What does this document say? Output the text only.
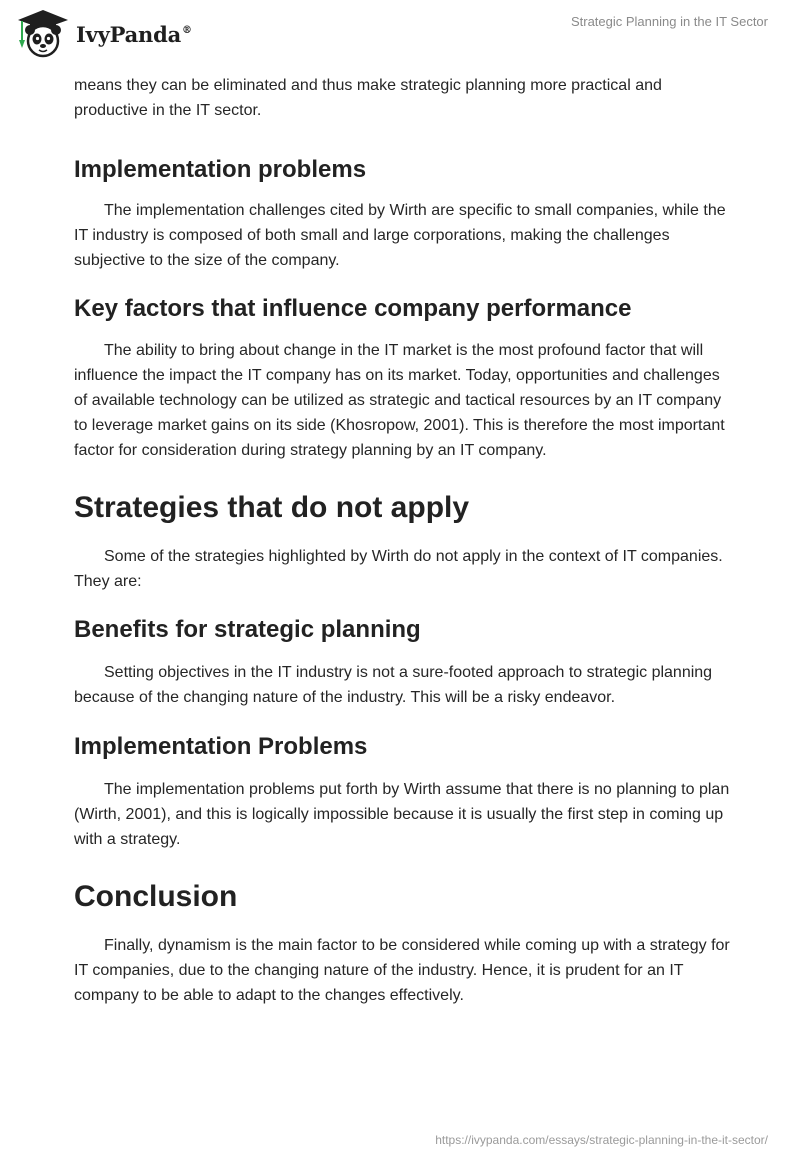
IvyPanda®
Strategic Planning in the IT Sector

means they can be eliminated and thus make strategic planning more practical and productive in the IT sector.

Implementation problems

The implementation challenges cited by Wirth are specific to small companies, while the IT industry is composed of both small and large corporations, making the challenges subjective to the size of the company.

Key factors that influence company performance

The ability to bring about change in the IT market is the most profound factor that will influence the impact the IT company has on its market. Today, opportunities and challenges of available technology can be utilized as strategic and tactical resources by an IT company to leverage market gains on its side (Khosropow, 2001). This is therefore the most important factor for consideration during strategy planning by an IT company.

Strategies that do not apply

Some of the strategies highlighted by Wirth do not apply in the context of IT companies. They are:

Benefits for strategic planning

Setting objectives in the IT industry is not a sure-footed approach to strategic planning because of the changing nature of the industry. This will be a risky endeavor.

Implementation Problems

The implementation problems put forth by Wirth assume that there is no planning to plan (Wirth, 2001), and this is logically impossible because it is usually the first step in coming up with a strategy.

Conclusion

Finally, dynamism is the main factor to be considered while coming up with a strategy for IT companies, due to the changing nature of the industry. Hence, it is prudent for an IT company to be able to adapt to the changes effectively.

https://ivypanda.com/essays/strategic-planning-in-the-it-sector/
